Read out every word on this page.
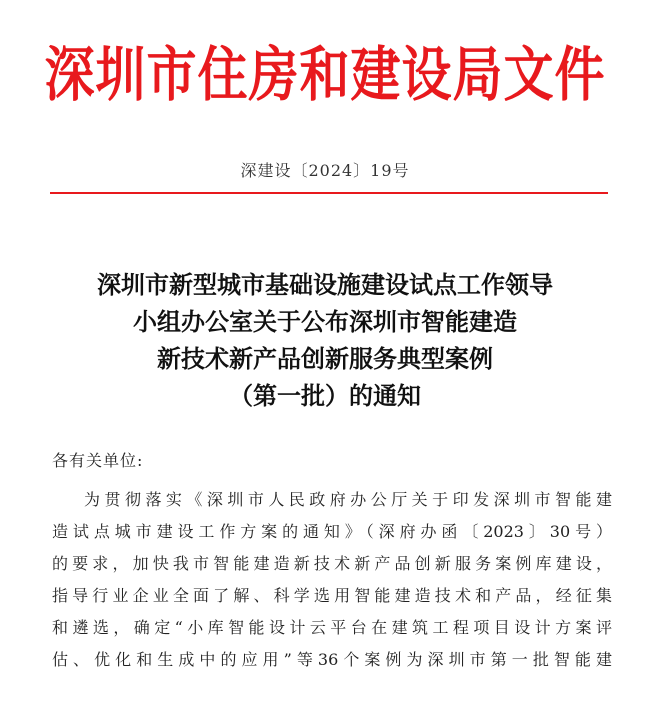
深圳市住房和建设局文件
深建设〔2024〕19号
深圳市新型城市基础设施建设试点工作领导
小组办公室关于公布深圳市智能建造
新技术新产品创新服务典型案例
（第一批）的通知
各有关单位:
为贯彻落实《深圳市人民政府办公厅关于印发深圳市智能建
造试点城市建设工作方案的通知》（深府办函〔2023〕30号）
的要求，加快我市智能建造新技术新产品创新服务案例库建设，
指导行业企业全面了解、科学选用智能建造技术和产品，经征集
和遴选，确定“小库智能设计云平台在建筑工程项目设计方案评
估、优化和生成中的应用”等36个案例为深圳市第一批智能建
